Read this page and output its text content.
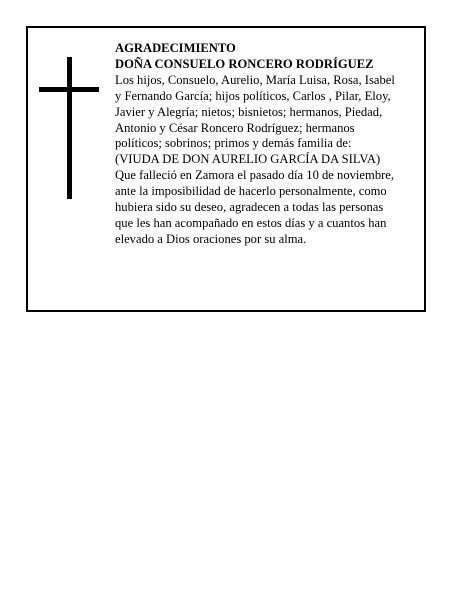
AGRADECIMIENTO
DOÑA CONSUELO RONCERO RODRÍGUEZ
Los hijos, Consuelo, Aurelio, María Luisa, Rosa, Isabel
y Fernando García; hijos políticos, Carlos , Pilar, Eloy,
Javier y Alegría; nietos; bisnietos; hermanos, Piedad,
Antonio y César Roncero Rodríguez; hermanos
políticos; sobrinos; primos y demás familia de:
(VIUDA DE DON AURELIO GARCÍA DA SILVA)
Que falleció en Zamora el pasado día 10 de noviembre,
ante la imposibilidad de hacerlo personalmente, como
hubiera sido su deseo, agradecen a todas las personas
que les han acompañado en estos días y a cuantos han
elevado a Dios oraciones por su alma.
